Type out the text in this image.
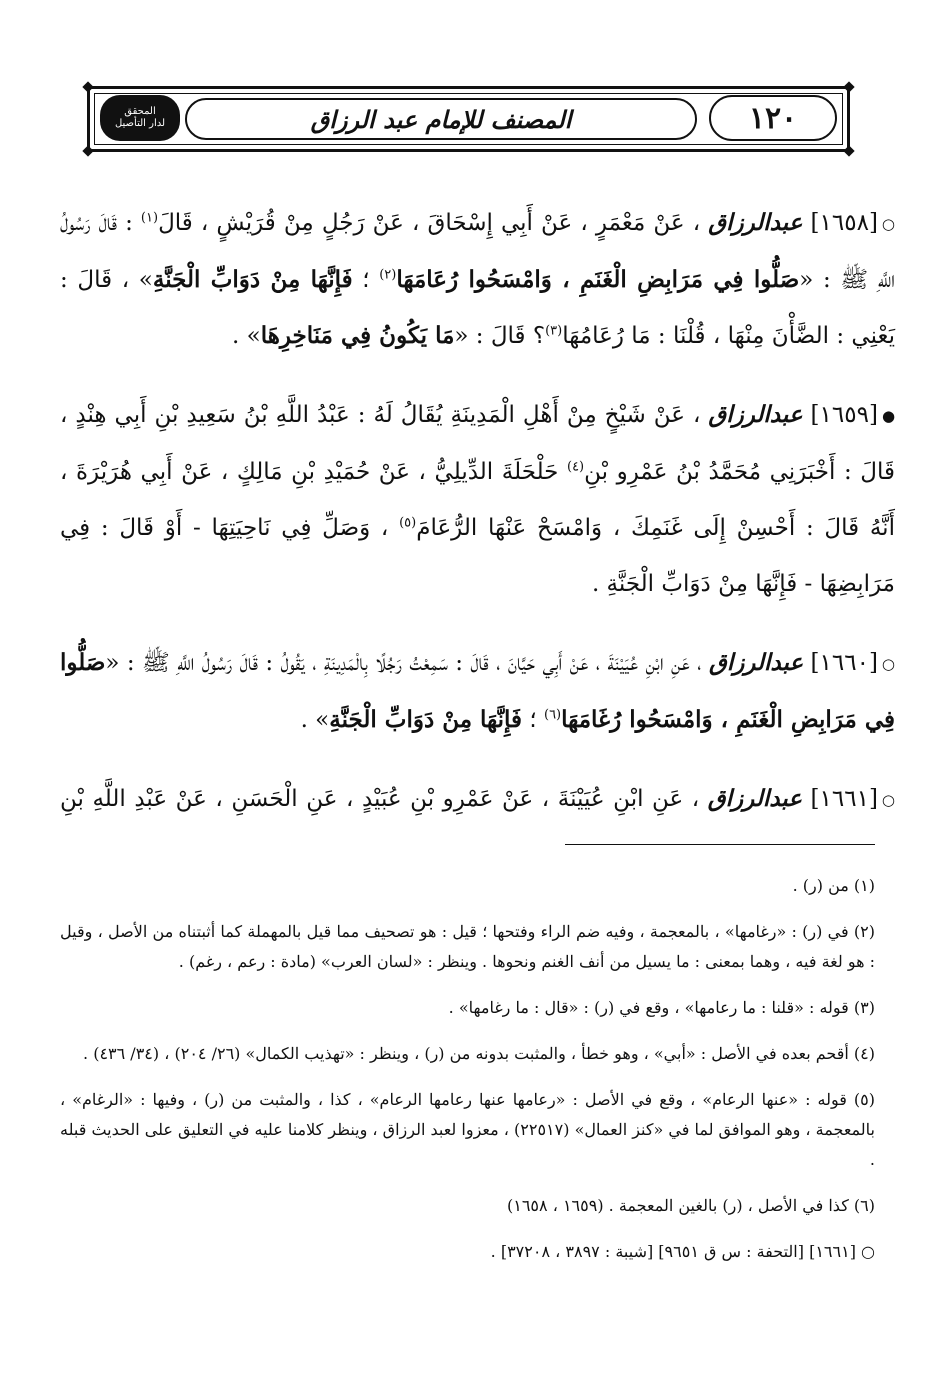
١٢٠
المصنف للإمام عبد الرزاق
المحقق
لدار التأصيل

○[١٦٥٨] عبدالرزاق ، عَنْ مَعْمَرٍ ، عَنْ أَبِي إِسْحَاقَ ، عَنْ رَجُلٍ مِنْ قُرَيْشٍ ، قَالَ$^{(١)}$ : قَالَ رَسُولُ اللَّهِ ﷺ : «صَلُّوا فِي مَرَابِضِ الْغَنَمِ ، وَامْسَحُوا رُعَامَهَا$^{(٢)}$ ؛ فَإِنَّهَا مِنْ دَوَابِّ الْجَنَّةِ» ، قَالَ : يَعْنِي : الضَّأْنَ مِنْهَا ، قُلْنَا : مَا رُعَامُهَا$^{(٣)}$؟ قَالَ : «مَا يَكُونُ فِي مَنَاخِرِهَا» .

●[١٦٥٩] عبدالرزاق ، عَنْ شَيْخٍ مِنْ أَهْلِ الْمَدِينَةِ يُقَالُ لَهُ : عَبْدُ اللَّهِ بْنُ سَعِيدِ بْنِ أَبِي هِنْدٍ ، قَالَ : أَخْبَرَنِي مُحَمَّدُ بْنُ عَمْرِو بْنِ$^{(٤)}$ حَلْحَلَةَ الدِّيلِيُّ ، عَنْ حُمَيْدِ بْنِ مَالِكٍ ، عَنْ أَبِي هُرَيْرَةَ ، أَنَّهُ قَالَ : أَحْسِنْ إِلَى غَنَمِكَ ، وَامْسَحْ عَنْهَا الرُّعَامَ$^{(٥)}$ ، وَصَلِّ فِي نَاحِيَتِهَا - أَوْ قَالَ : فِي مَرَابِضِهَا - فَإِنَّهَا مِنْ دَوَابِّ الْجَنَّةِ .

○[١٦٦٠] عبدالرزاق ، عَنِ ابْنِ عُيَيْنَةَ ، عَنْ أَبِي حَيَّانَ ، قَالَ : سَمِعْتُ رَجُلًا بِالْمَدِينَةِ ، يَقُولُ : قَالَ رَسُولُ اللَّهِ ﷺ : «صَلُّوا فِي مَرَابِضِ الْغَنَمِ ، وَامْسَحُوا رُغَامَهَا$^{(٦)}$ ؛ فَإِنَّهَا مِنْ دَوَابِّ الْجَنَّةِ» .

○[١٦٦١] عبدالرزاق ، عَنِ ابْنِ عُيَيْنَةَ ، عَنْ عَمْرِو بْنِ عُبَيْدٍ ، عَنِ الْحَسَنِ ، عَنْ عَبْدِ اللَّهِ بْنِ

(١) من (ر) .

(٢) في (ر) : «رغامها» ، بالمعجمة ، وفيه ضم الراء وفتحها ؛ قيل : هو تصحيف مما قيل بالمهملة كما أثبتناه من الأصل ، وقيل : هو لغة فيه ، وهما بمعنى : ما يسيل من أنف الغنم ونحوها . وينظر : «لسان العرب» (مادة : رعم ، رغم) .

(٣) قوله : «قلنا : ما رعامها» ، وقع في (ر) : «قال : ما رغامها» .

(٤) أقحم بعده في الأصل : «أبي» ، وهو خطأ ، والمثبت بدونه من (ر) ، وينظر : «تهذيب الكمال» (٢٦/ ٢٠٤) ، (٣٤/ ٤٣٦) .

(٥) قوله : «عنها الرعام» ، وقع في الأصل : «رعامها عنها رعامها الرعام» ، كذا ، والمثبت من (ر) ، وفيها : «الرغام» ، بالمعجمة ، وهو الموافق لما في «كنز العمال» (٢٢٥١٧) ، معزوا لعبد الرزاق ، وينظر كلامنا عليه في التعليق على الحديث قبله .

(٦) كذا في الأصل ، (ر) بالغين المعجمة . (١٦٥٩ ، ١٦٥٨)

○ [١٦٦١] [التحفة : س ق ٩٦٥١] [شيبة : ٣٨٩٧ ، ٣٧٢٠٨] .
